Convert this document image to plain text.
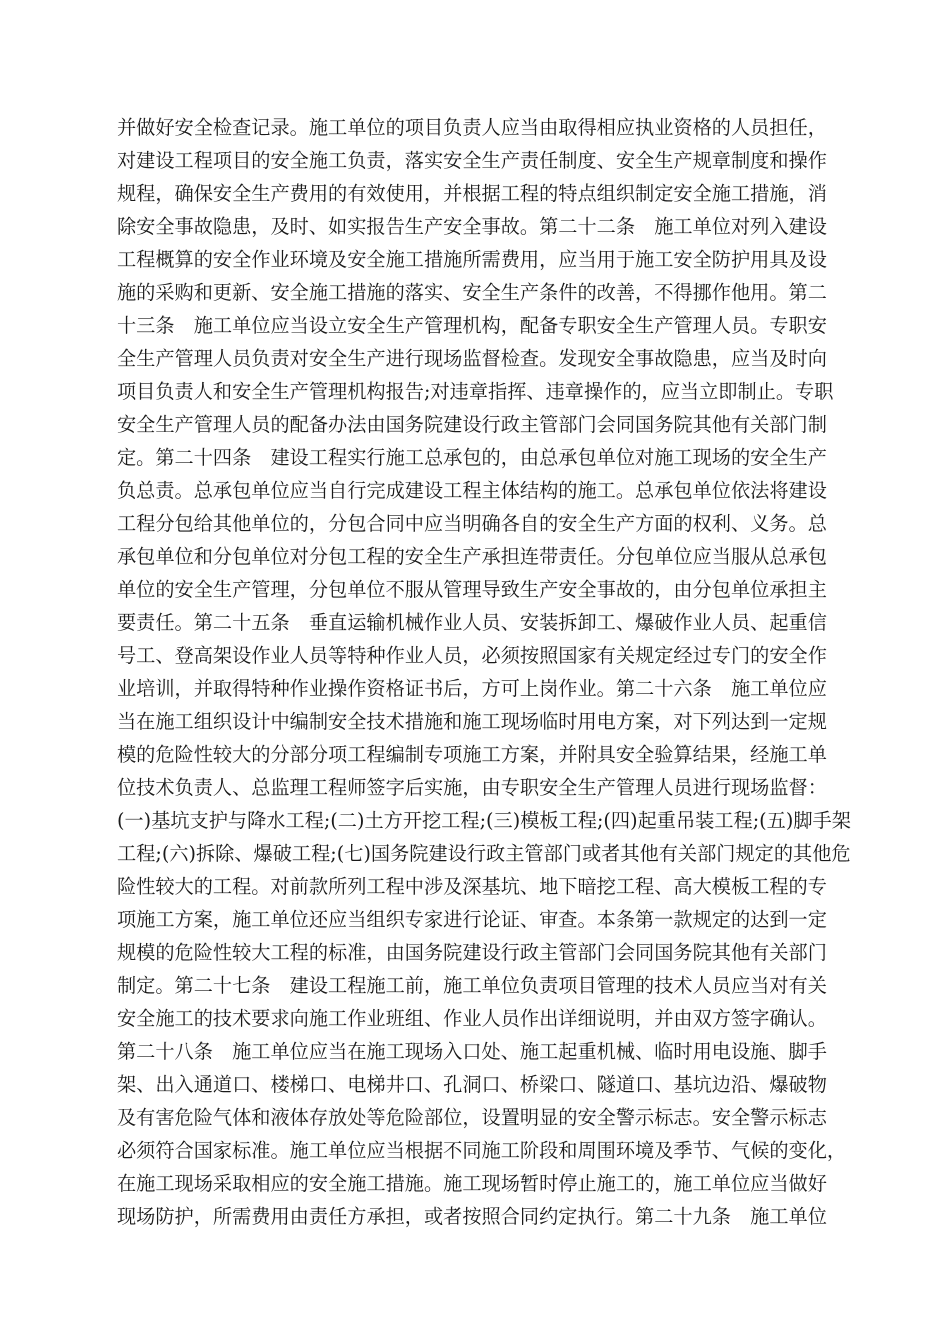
并做好安全检查记录。施工单位的项目负责人应当由取得相应执业资格的人员担任，
对建设工程项目的安全施工负责，落实安全生产责任制度、安全生产规章制度和操作
规程，确保安全生产费用的有效使用，并根据工程的特点组织制定安全施工措施，消
除安全事故隐患，及时、如实报告生产安全事故。第二十二条　施工单位对列入建设
工程概算的安全作业环境及安全施工措施所需费用，应当用于施工安全防护用具及设
施的采购和更新、安全施工措施的落实、安全生产条件的改善，不得挪作他用。第二
十三条　施工单位应当设立安全生产管理机构，配备专职安全生产管理人员。专职安
全生产管理人员负责对安全生产进行现场监督检查。发现安全事故隐患，应当及时向
项目负责人和安全生产管理机构报告;对违章指挥、违章操作的，应当立即制止。专职
安全生产管理人员的配备办法由国务院建设行政主管部门会同国务院其他有关部门制
定。第二十四条　建设工程实行施工总承包的，由总承包单位对施工现场的安全生产
负总责。总承包单位应当自行完成建设工程主体结构的施工。总承包单位依法将建设
工程分包给其他单位的，分包合同中应当明确各自的安全生产方面的权利、义务。总
承包单位和分包单位对分包工程的安全生产承担连带责任。分包单位应当服从总承包
单位的安全生产管理，分包单位不服从管理导致生产安全事故的，由分包单位承担主
要责任。第二十五条　垂直运输机械作业人员、安装拆卸工、爆破作业人员、起重信
号工、登高架设作业人员等特种作业人员，必须按照国家有关规定经过专门的安全作
业培训，并取得特种作业操作资格证书后，方可上岗作业。第二十六条　施工单位应
当在施工组织设计中编制安全技术措施和施工现场临时用电方案，对下列达到一定规
模的危险性较大的分部分项工程编制专项施工方案，并附具安全验算结果，经施工单
位技术负责人、总监理工程师签字后实施，由专职安全生产管理人员进行现场监督：
(一)基坑支护与降水工程;(二)土方开挖工程;(三)模板工程;(四)起重吊装工程;(五)脚手架
工程;(六)拆除、爆破工程;(七)国务院建设行政主管部门或者其他有关部门规定的其他危
险性较大的工程。对前款所列工程中涉及深基坑、地下暗挖工程、高大模板工程的专
项施工方案，施工单位还应当组织专家进行论证、审查。本条第一款规定的达到一定
规模的危险性较大工程的标准，由国务院建设行政主管部门会同国务院其他有关部门
制定。第二十七条　建设工程施工前，施工单位负责项目管理的技术人员应当对有关
安全施工的技术要求向施工作业班组、作业人员作出详细说明，并由双方签字确认。
第二十八条　施工单位应当在施工现场入口处、施工起重机械、临时用电设施、脚手
架、出入通道口、楼梯口、电梯井口、孔洞口、桥梁口、隧道口、基坑边沿、爆破物
及有害危险气体和液体存放处等危险部位，设置明显的安全警示标志。安全警示标志
必须符合国家标准。施工单位应当根据不同施工阶段和周围环境及季节、气候的变化，
在施工现场采取相应的安全施工措施。施工现场暂时停止施工的，施工单位应当做好
现场防护，所需费用由责任方承担，或者按照合同约定执行。第二十九条　施工单位
